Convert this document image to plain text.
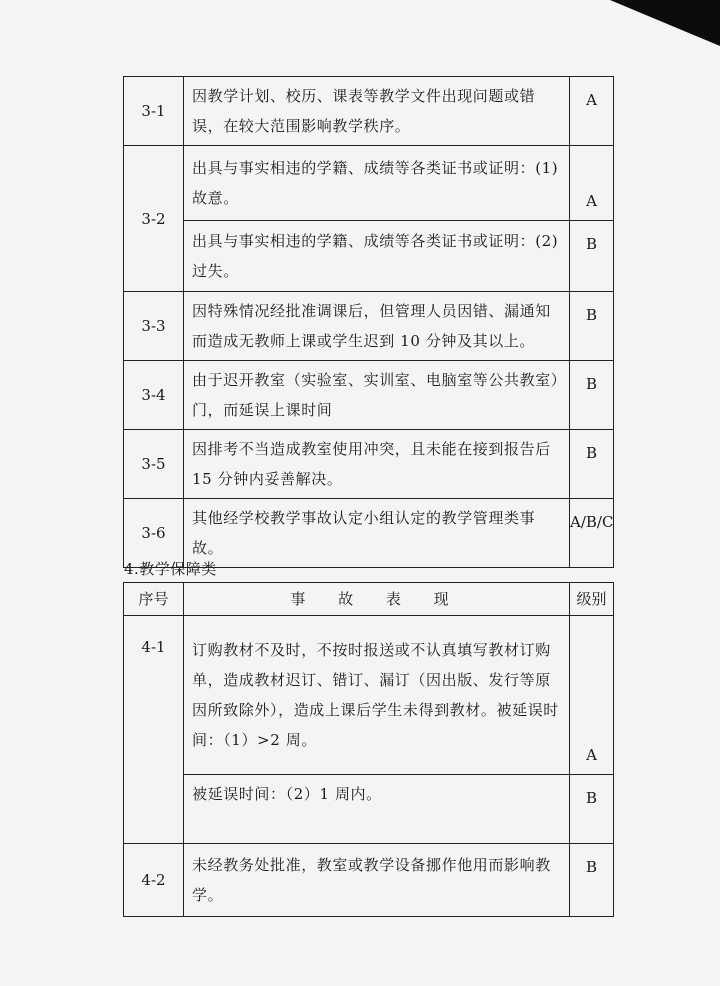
3-1	因教学计划、校历、课表等教学文件出现问题或错误，在较大范围影响教学秩序。	A
3-2	出具与事实相违的学籍、成绩等各类证书或证明：(1) 故意。	A
	出具与事实相违的学籍、成绩等各类证书或证明：(2) 过失。	B
3-3	因特殊情况经批准调课后，但管理人员因错、漏通知而造成无教师上课或学生迟到 10 分钟及其以上。	B
3-4	由于迟开教室（实验室、实训室、电脑室等公共教室）门，而延误上课时间	B
3-5	因排考不当造成教室使用冲突，且未能在接到报告后 15 分钟内妥善解决。	B
3-6	其他经学校教学事故认定小组认定的教学管理类事故。	A/B/C
4.教学保障类
序号	事 故 表 现	级别
4-1	订购教材不及时，不按时报送或不认真填写教材订购单，造成教材迟订、错订、漏订（因出版、发行等原因所致除外），造成上课后学生未得到教材。被延误时间：（1）>2 周。	A
	被延误时间：（2）1 周内。	B
4-2	未经教务处批准，教室或教学设备挪作他用而影响教学。	B
